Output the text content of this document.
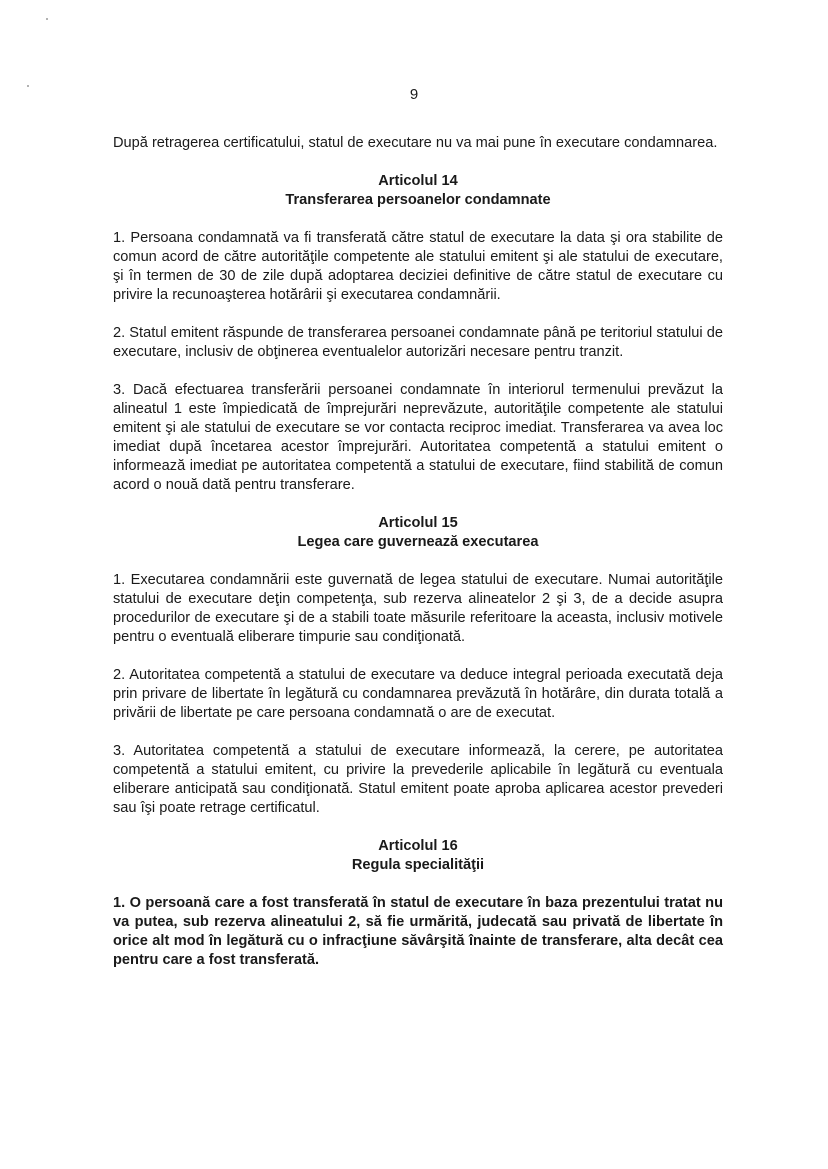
9

După retragerea certificatului, statul de executare nu va mai pune în executare condamnarea.

Articolul 14
Transferarea persoanelor condamnate

1. Persoana condamnată va fi transferată către statul de executare la data şi ora stabilite de comun acord de către autorităţile competente ale statului emitent şi ale statului de executare, şi în termen de 30 de zile după adoptarea deciziei definitive de către statul de executare cu privire la recunoaşterea hotărârii şi executarea condamnării.

2. Statul emitent răspunde de transferarea persoanei condamnate până pe teritoriul statului de executare, inclusiv de obţinerea eventualelor autorizări necesare pentru tranzit.

3. Dacă efectuarea transferării persoanei condamnate în interiorul termenului prevăzut la alineatul 1 este împiedicată de împrejurări neprevăzute, autorităţile competente ale statului emitent şi ale statului de executare se vor contacta reciproc imediat. Transferarea va avea loc imediat după încetarea acestor împrejurări. Autoritatea competentă a statului emitent o informează imediat pe autoritatea competentă a statului de executare, fiind stabilită de comun acord o nouă dată pentru transferare.

Articolul 15
Legea care guvernează executarea

1. Executarea condamnării este guvernată de legea statului de executare. Numai autorităţile statului de executare deţin competenţa, sub rezerva alineatelor 2 şi 3, de a decide asupra procedurilor de executare şi de a stabili toate măsurile referitoare la aceasta, inclusiv motivele pentru o eventuală eliberare timpurie sau condiţionată.

2. Autoritatea competentă a statului de executare va deduce integral perioada executată deja prin privare de libertate în legătură cu condamnarea prevăzută în hotărâre, din durata totală a privării de libertate pe care persoana condamnată o are de executat.

3. Autoritatea competentă a statului de executare informează, la cerere, pe autoritatea competentă a statului emitent, cu privire la prevederile aplicabile în legătură cu eventuala eliberare anticipată sau condiţionată. Statul emitent poate aproba aplicarea acestor prevederi sau îşi poate retrage certificatul.

Articolul 16
Regula specialităţii

1. O persoană care a fost transferată în statul de executare în baza prezentului tratat nu va putea, sub rezerva alineatului 2, să fie urmărită, judecată sau privată de libertate în orice alt mod în legătură cu o infracţiune săvârşită înainte de transferare, alta decât cea pentru care a fost transferată.
